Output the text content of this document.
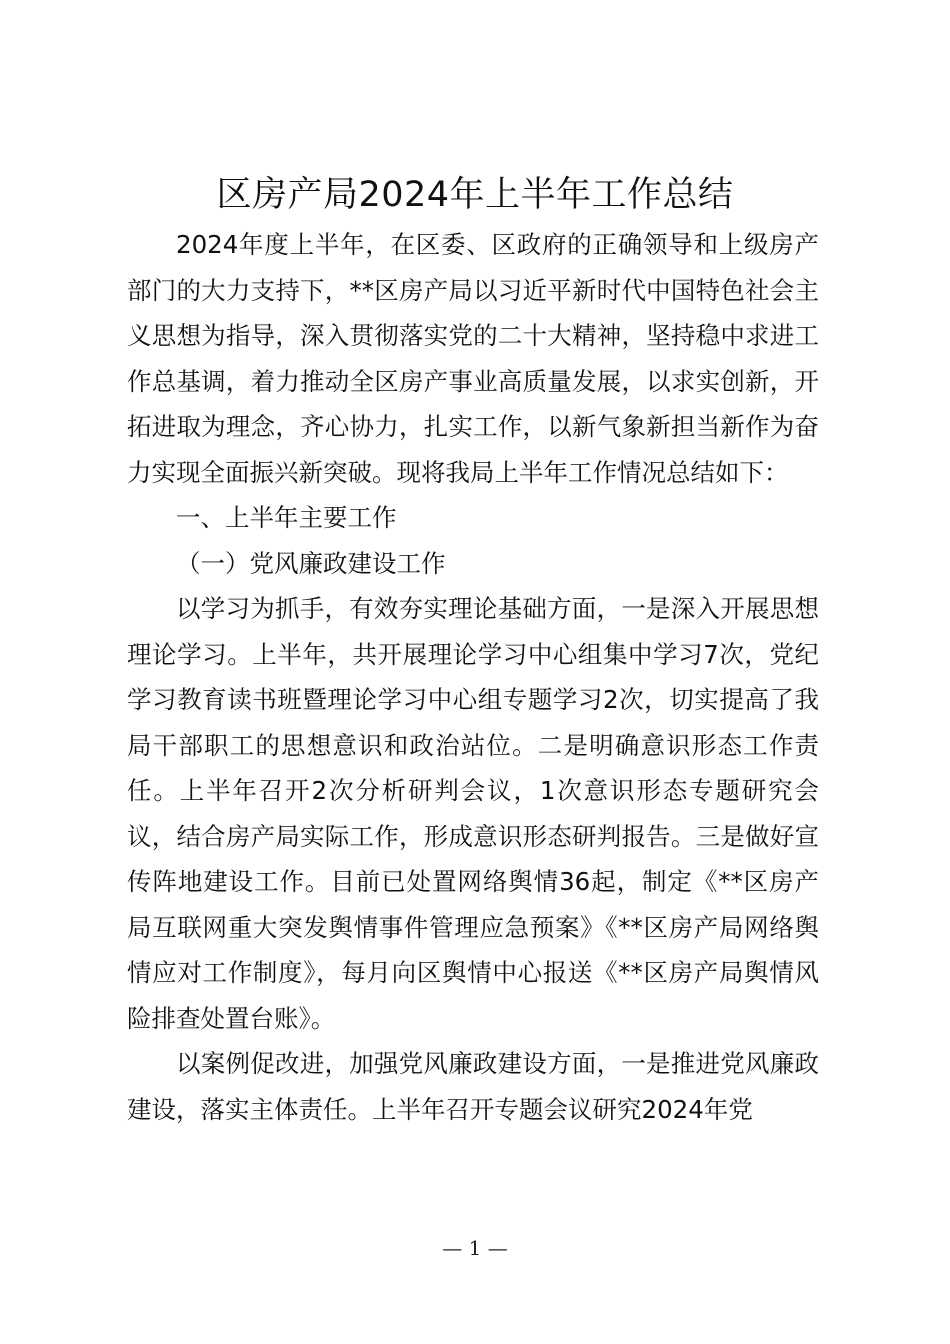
区房产局2024年上半年工作总结

2024年度上半年，在区委、区政府的正确领导和上级房产部门的大力支持下，**区房产局以习近平新时代中国特色社会主义思想为指导，深入贯彻落实党的二十大精神，坚持稳中求进工作总基调，着力推动全区房产事业高质量发展，以求实创新，开拓进取为理念，齐心协力，扎实工作，以新气象新担当新作为奋力实现全面振兴新突破。现将我局上半年工作情况总结如下：

一、上半年主要工作

（一）党风廉政建设工作

以学习为抓手，有效夯实理论基础方面，一是深入开展思想理论学习。上半年，共开展理论学习中心组集中学习7次，党纪学习教育读书班暨理论学习中心组专题学习2次，切实提高了我局干部职工的思想意识和政治站位。二是明确意识形态工作责任。上半年召开2次分析研判会议，1次意识形态专题研究会议，结合房产局实际工作，形成意识形态研判报告。三是做好宣传阵地建设工作。目前已处置网络舆情36起，制定《**区房产局互联网重大突发舆情事件管理应急预案》《**区房产局网络舆情应对工作制度》，每月向区舆情中心报送《**区房产局舆情风险排查处置台账》。

以案例促改进，加强党风廉政建设方面，一是推进党风廉政建设，落实主体责任。上半年召开专题会议研究2024年党

— 1 —
